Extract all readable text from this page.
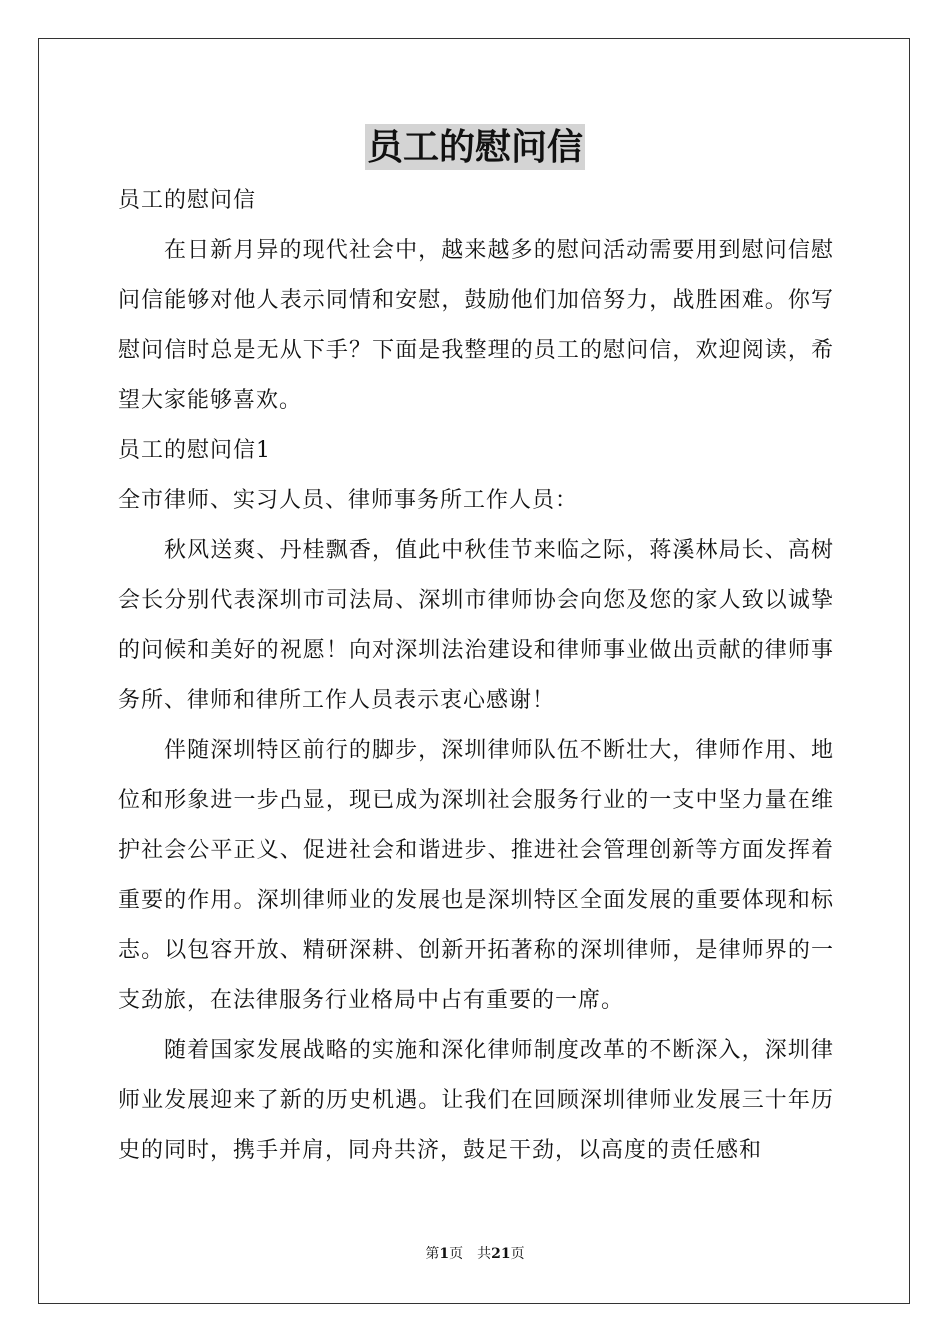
员工的慰问信

员工的慰问信

在日新月异的现代社会中，越来越多的慰问活动需要用到慰问信慰问信能够对他人表示同情和安慰，鼓励他们加倍努力，战胜困难。你写慰问信时总是无从下手？下面是我整理的员工的慰问信，欢迎阅读，希望大家能够喜欢。

员工的慰问信1

全市律师、实习人员、律师事务所工作人员：

秋风送爽、丹桂飘香，值此中秋佳节来临之际，蒋溪林局长、高树会长分别代表深圳市司法局、深圳市律师协会向您及您的家人致以诚挚的问候和美好的祝愿！向对深圳法治建设和律师事业做出贡献的律师事务所、律师和律所工作人员表示衷心感谢！

伴随深圳特区前行的脚步，深圳律师队伍不断壮大，律师作用、地位和形象进一步凸显，现已成为深圳社会服务行业的一支中坚力量在维护社会公平正义、促进社会和谐进步、推进社会管理创新等方面发挥着重要的作用。深圳律师业的发展也是深圳特区全面发展的重要体现和标志。以包容开放、精研深耕、创新开拓著称的深圳律师，是律师界的一支劲旅，在法律服务行业格局中占有重要的一席。

随着国家发展战略的实施和深化律师制度改革的不断深入，深圳律师业发展迎来了新的历史机遇。让我们在回顾深圳律师业发展三十年历史的同时，携手并肩，同舟共济，鼓足干劲，以高度的责任感和

第1页 共21页
